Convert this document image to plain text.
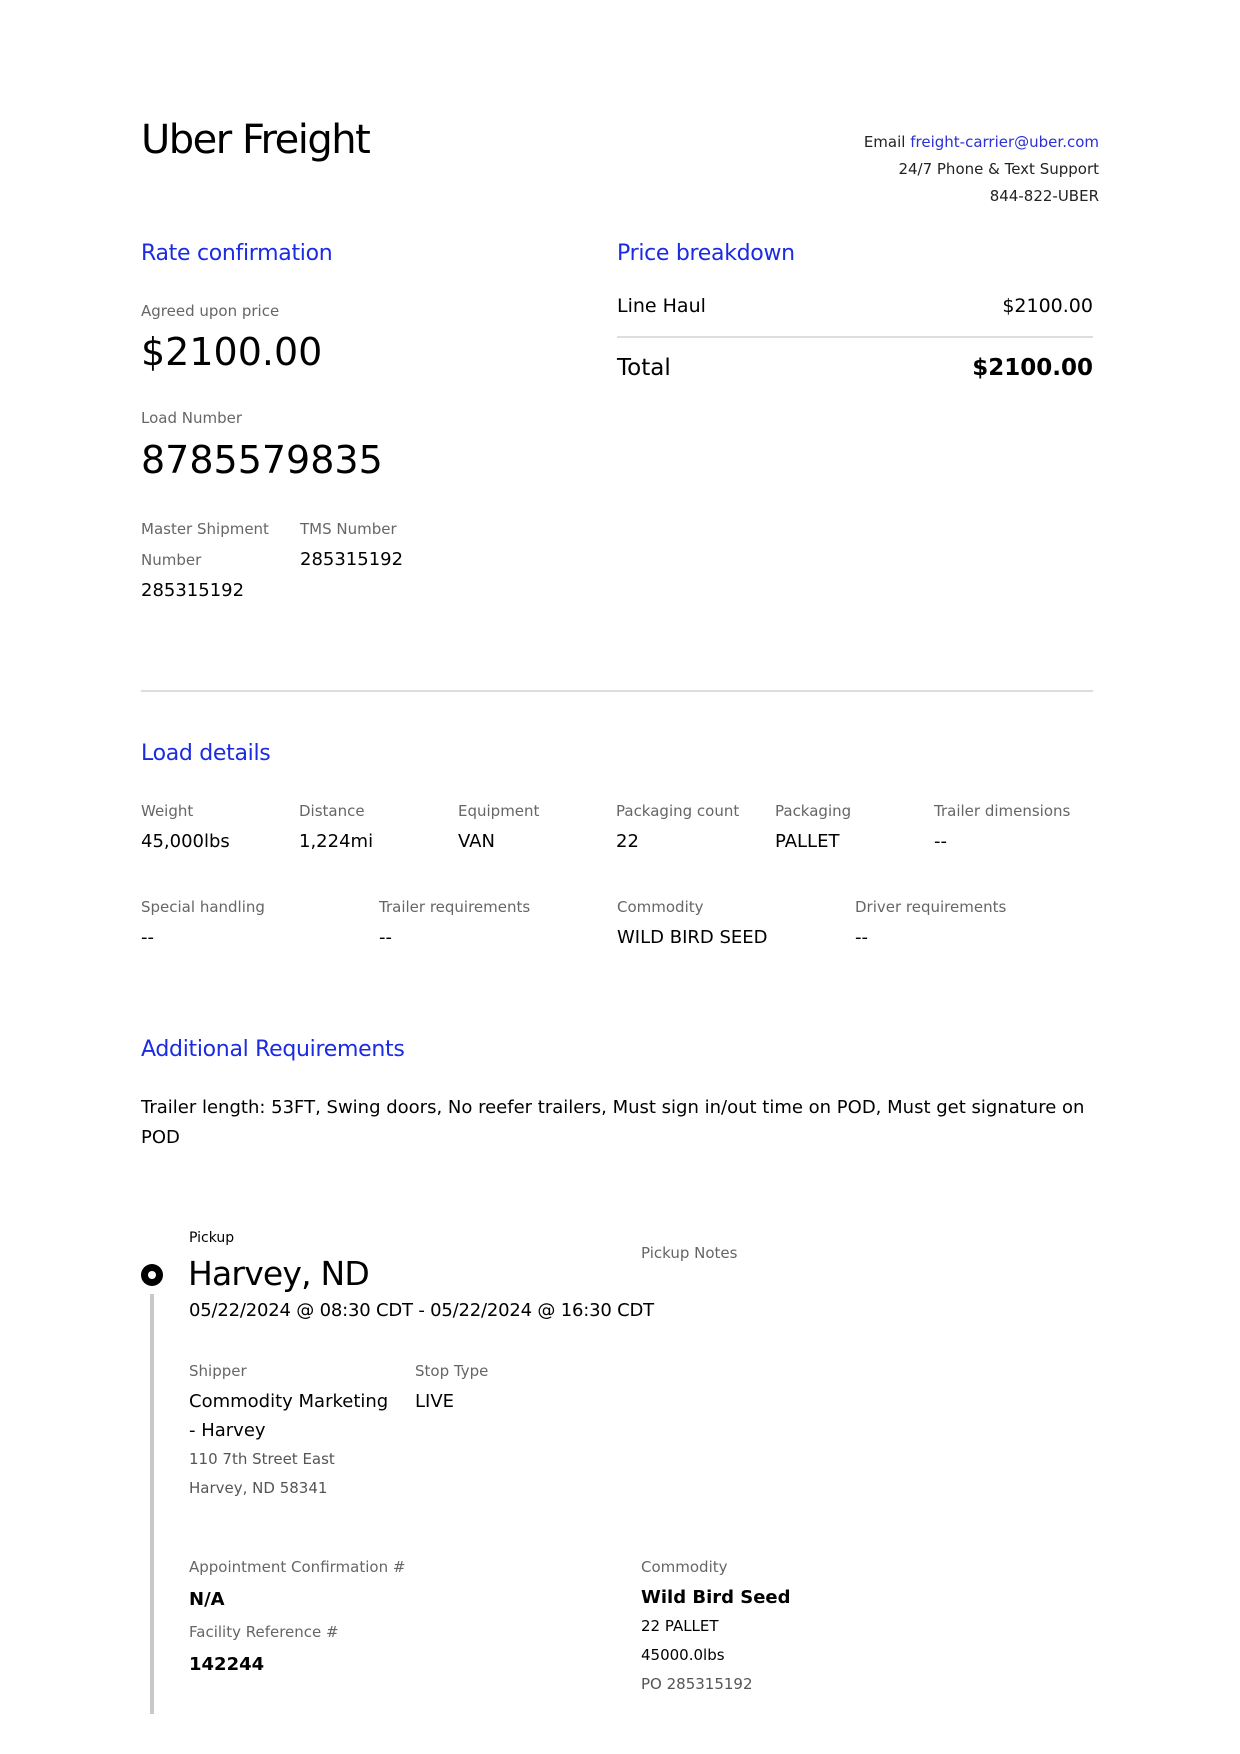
Uber Freight	Email freight-carrier@uber.com
24/7 Phone & Text Support
844-822-UBER
Rate confirmation
Agreed upon price
$2100.00
Load Number
8785579835
Master Shipment Number
285315192
TMS Number
285315192
Price breakdown
Line Haul	$2100.00
Total	$2100.00
Load details
Weight
45,000lbs
Distance
1,224mi
Equipment
VAN
Packaging count
22
Packaging
PALLET
Trailer dimensions
--
Special handling
--
Trailer requirements
--
Commodity
WILD BIRD SEED
Driver requirements
--
Additional Requirements
Trailer length: 53FT, Swing doors, No reefer trailers, Must sign in/out time on POD, Must get signature on POD
Pickup
Harvey, ND
05/22/2024 @ 08:30 CDT - 05/22/2024 @ 16:30 CDT
Pickup Notes
Shipper
Commodity Marketing
- Harvey
110 7th Street East
Harvey, ND 58341
Stop Type
LIVE
Appointment Confirmation #
N/A
Facility Reference #
142244
Commodity
Wild Bird Seed
22 PALLET
45000.0lbs
PO 285315192
